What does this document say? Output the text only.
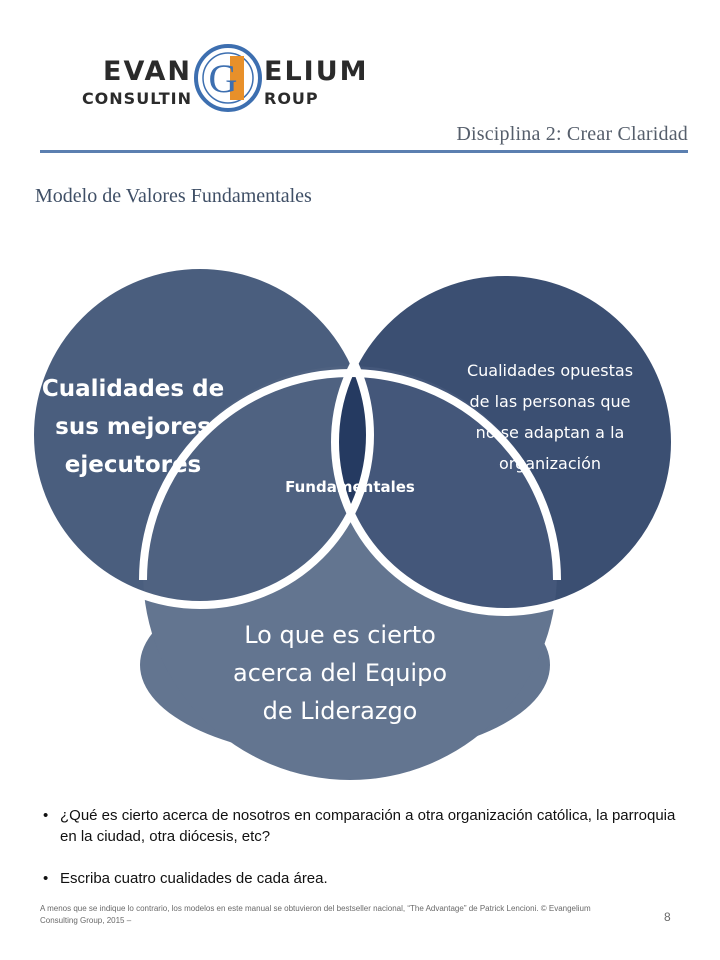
G
EVAN	ELIUM
CONSULTIN	ROUP
Disciplina 2: Crear Claridad
Modelo de Valores Fundamentales
Cualidades de
sus mejores
ejecutores
Cualidades opuestas
de las personas que
no se adaptan a la
organización
Lo que es cierto
acerca del Equipo
de Liderazgo
Fundamentales
• ¿Qué es cierto acerca de nosotros en comparación a otra organización católica, la parroquia en la ciudad, otra diócesis, etc?
• Escriba cuatro cualidades de cada área.
A menos que se indique lo contrario, los modelos en este manual se obtuvieron del bestseller nacional, “The Advantage” de Patrick Lencioni. © Evangelium Consulting Group, 2015 –	8
